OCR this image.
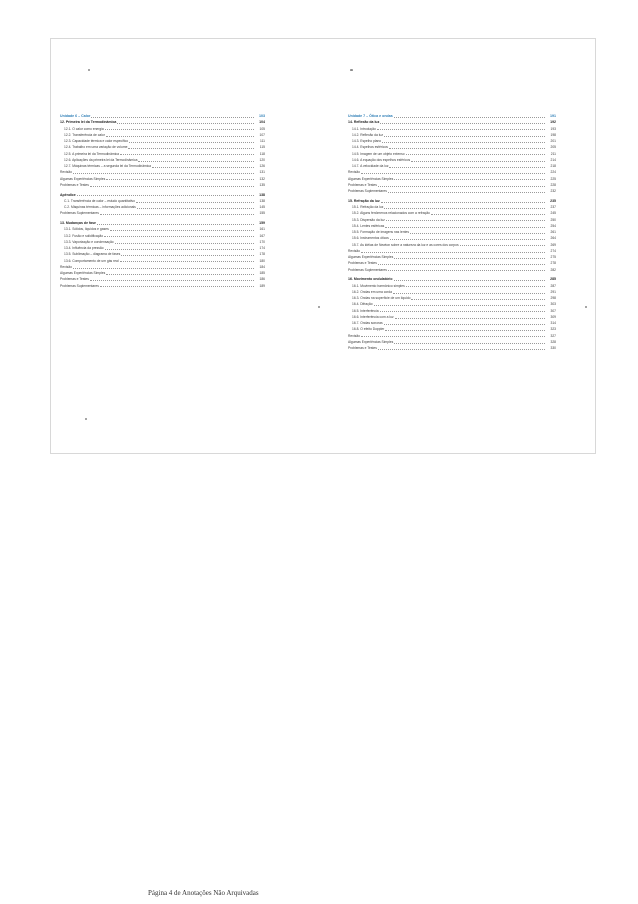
Unidade 6 – Calor	103
12. Primeira lei da Termodinâmica	104
12.1. O calor como energia	105
12.2. Transferência de calor	107
12.3. Capacidade térmica e calor específico	111
12.4. Trabalho em uma variação de volume	115
12.5. A primeira lei da Termodinâmica	118
12.6. Aplicações da primeira lei da Termodinâmica	120
12.7. Máquinas térmicas – a segunda lei da Termodinâmica	126
Revisão	131
Algumas Experiências Simples	132
Problemas e Testes	135
Apêndice	138
C.1. Transferência de calor – estudo quantitativo	138
C.2. Máquinas térmicas – informações adicionais	145
Problemas Suplementares	155
13. Mudanças de fase	159
13.1. Sólidos, líquidos e gases	161
13.2. Fusão e solidificação	167
13.3. Vaporização e condensação	170
13.4. Influência da pressão	174
13.5. Sublimação – diagrama de fases	178
13.6. Comportamento de um gás real	180
Revisão	184
Algumas Experiências Simples	185
Problemas e Testes	186
Problemas Suplementares	189
Unidade 7 – Ótica e ondas	191
14. Reflexão da luz	192
14.1. Introdução	193
14.2. Reflexão da luz	198
14.3. Espelho plano	201
14.4. Espelhos esféricos	205
14.5. Imagem de um objeto extenso	211
14.6. A equação dos espelhos esféricos	214
14.7. A velocidade da luz	218
Revisão	224
Algumas Experiências Simples	225
Problemas e Testes	228
Problemas Suplementares	232
15. Refração da luz	235
15.1. Refração da luz	237
15.2. Alguns fenômenos relacionados com a refração	245
15.3. Dispersão da luz	250
15.4. Lentes esféricas	254
15.5. Formação de imagens nas lentes	261
15.6. Instrumentos óticos	264
15.7. As idéias de Newton sobre a natureza da luz e as cores dos corpos	269
Revisão	274
Algumas Experiências Simples	275
Problemas e Testes	278
Problemas Suplementares	282
16. Movimento ondulatório	285
16.1. Movimento harmônico simples	287
16.2. Ondas em uma corda	291
16.3. Ondas na superfície de um líquido	298
16.4. Difração	303
16.5. Interferência	307
16.6. Interferência com a luz	309
16.7. Ondas sonoras	314
16.8. O efeito Doppler	323
Revisão	327
Algumas Experiências Simples	328
Problemas e Testes	330
Página 4 de Anotações Não Arquivadas
